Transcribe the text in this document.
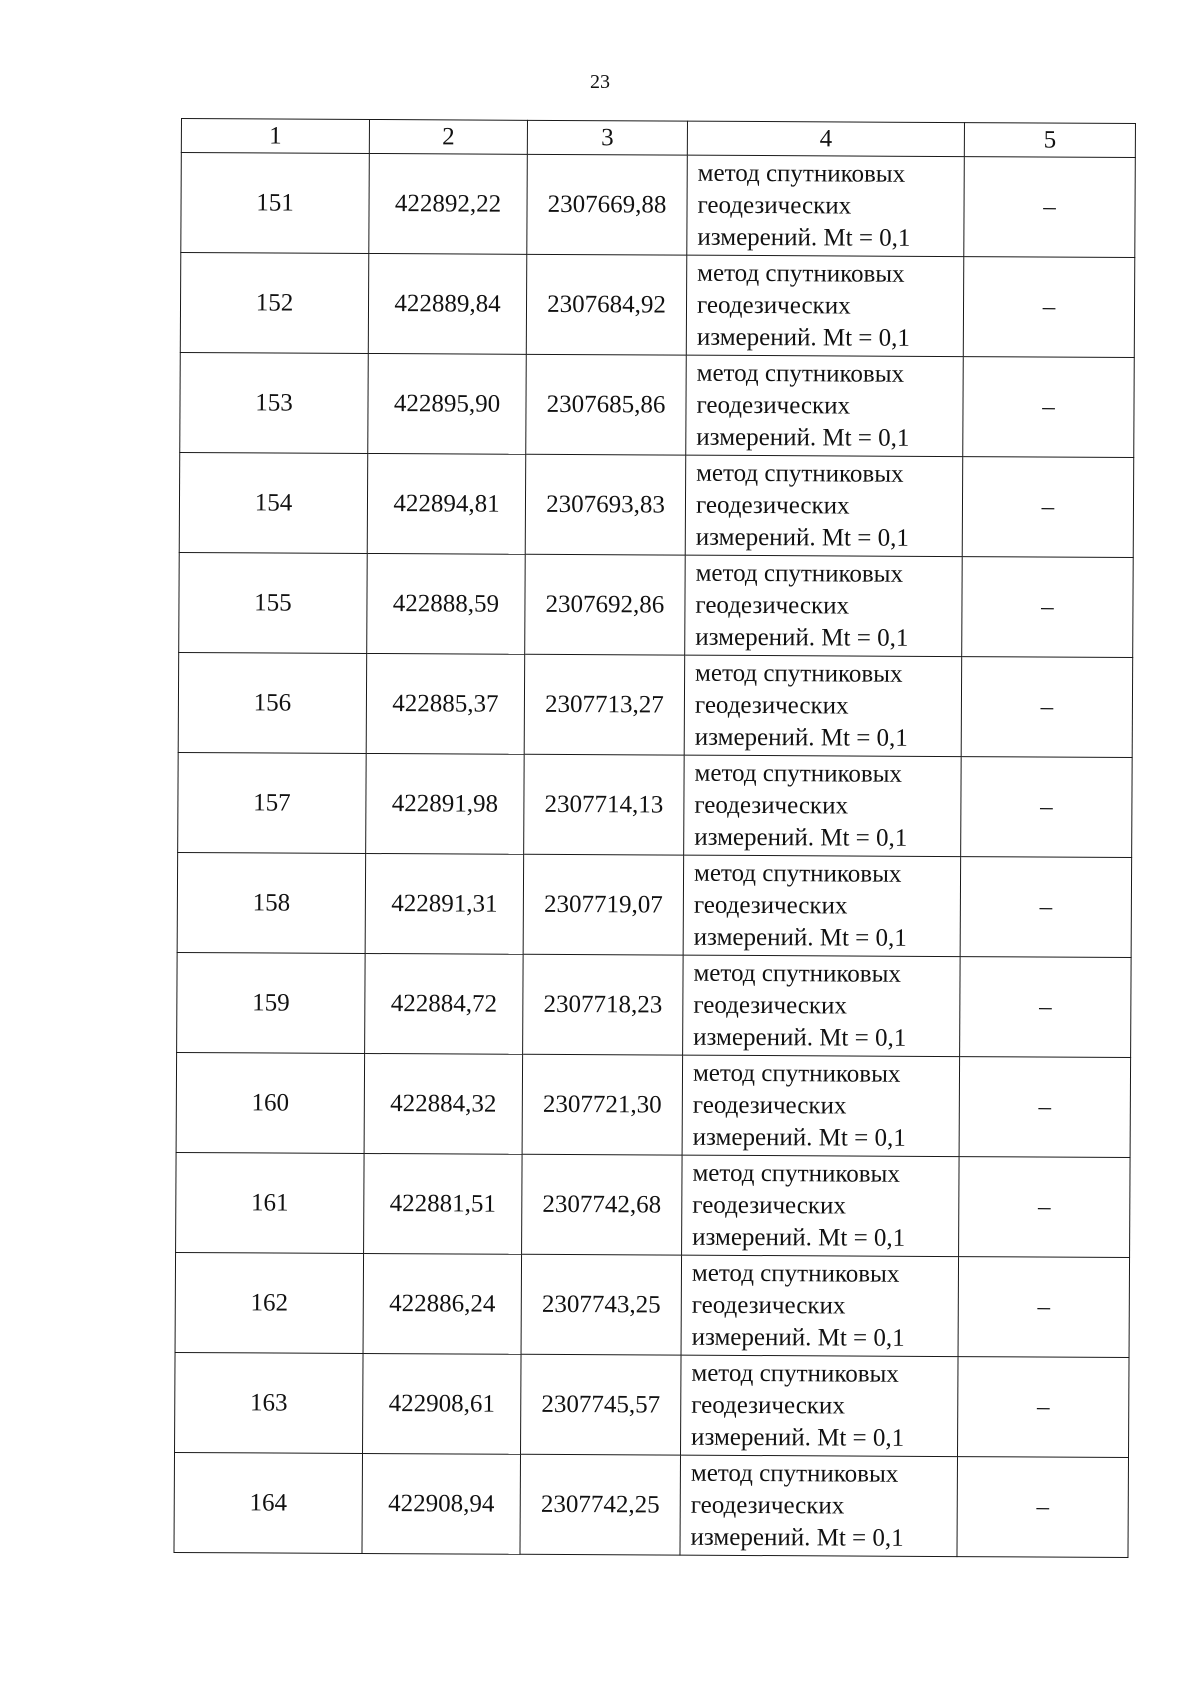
23
1	2	3	4	5
151	422892,22	2307669,88	метод спутниковых
геодезических
измерений. Mt = 0,1	–
152	422889,84	2307684,92	метод спутниковых
геодезических
измерений. Mt = 0,1	–
153	422895,90	2307685,86	метод спутниковых
геодезических
измерений. Mt = 0,1	–
154	422894,81	2307693,83	метод спутниковых
геодезических
измерений. Mt = 0,1	–
155	422888,59	2307692,86	метод спутниковых
геодезических
измерений. Mt = 0,1	–
156	422885,37	2307713,27	метод спутниковых
геодезических
измерений. Mt = 0,1	–
157	422891,98	2307714,13	метод спутниковых
геодезических
измерений. Mt = 0,1	–
158	422891,31	2307719,07	метод спутниковых
геодезических
измерений. Mt = 0,1	–
159	422884,72	2307718,23	метод спутниковых
геодезических
измерений. Mt = 0,1	–
160	422884,32	2307721,30	метод спутниковых
геодезических
измерений. Mt = 0,1	–
161	422881,51	2307742,68	метод спутниковых
геодезических
измерений. Mt = 0,1	–
162	422886,24	2307743,25	метод спутниковых
геодезических
измерений. Mt = 0,1	–
163	422908,61	2307745,57	метод спутниковых
геодезических
измерений. Mt = 0,1	–
164	422908,94	2307742,25	метод спутниковых
геодезических
измерений. Mt = 0,1	–
